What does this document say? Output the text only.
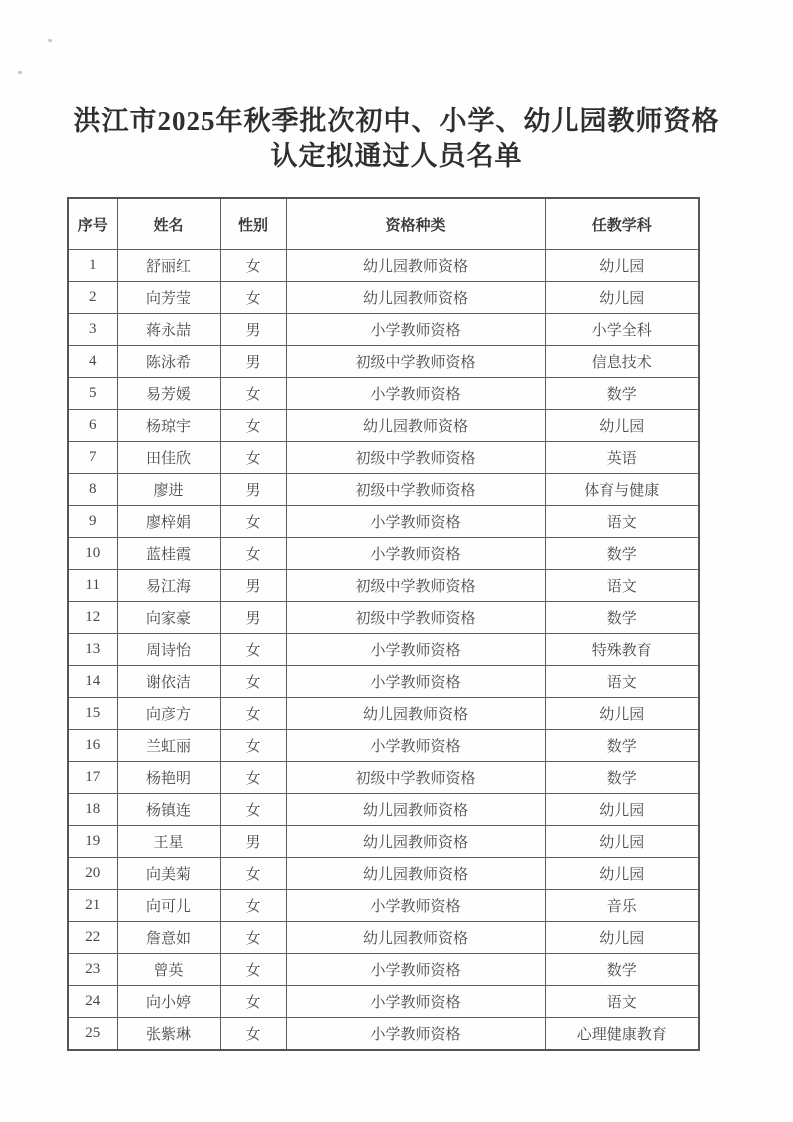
洪江市2025年秋季批次初中、小学、幼儿园教师资格
认定拟通过人员名单
序号	姓名	性别	资格种类	任教学科
1	舒丽红	女	幼儿园教师资格	幼儿园
2	向芳莹	女	幼儿园教师资格	幼儿园
3	蒋永喆	男	小学教师资格	小学全科
4	陈泳希	男	初级中学教师资格	信息技术
5	易芳媛	女	小学教师资格	数学
6	杨琼宇	女	幼儿园教师资格	幼儿园
7	田佳欣	女	初级中学教师资格	英语
8	廖进	男	初级中学教师资格	体育与健康
9	廖梓娟	女	小学教师资格	语文
10	蓝桂霞	女	小学教师资格	数学
11	易江海	男	初级中学教师资格	语文
12	向家豪	男	初级中学教师资格	数学
13	周诗怡	女	小学教师资格	特殊教育
14	谢依洁	女	小学教师资格	语文
15	向彦方	女	幼儿园教师资格	幼儿园
16	兰虹丽	女	小学教师资格	数学
17	杨艳明	女	初级中学教师资格	数学
18	杨镇连	女	幼儿园教师资格	幼儿园
19	王星	男	幼儿园教师资格	幼儿园
20	向美菊	女	幼儿园教师资格	幼儿园
21	向可儿	女	小学教师资格	音乐
22	詹意如	女	幼儿园教师资格	幼儿园
23	曾英	女	小学教师资格	数学
24	向小婷	女	小学教师资格	语文
25	张紫琳	女	小学教师资格	心理健康教育
